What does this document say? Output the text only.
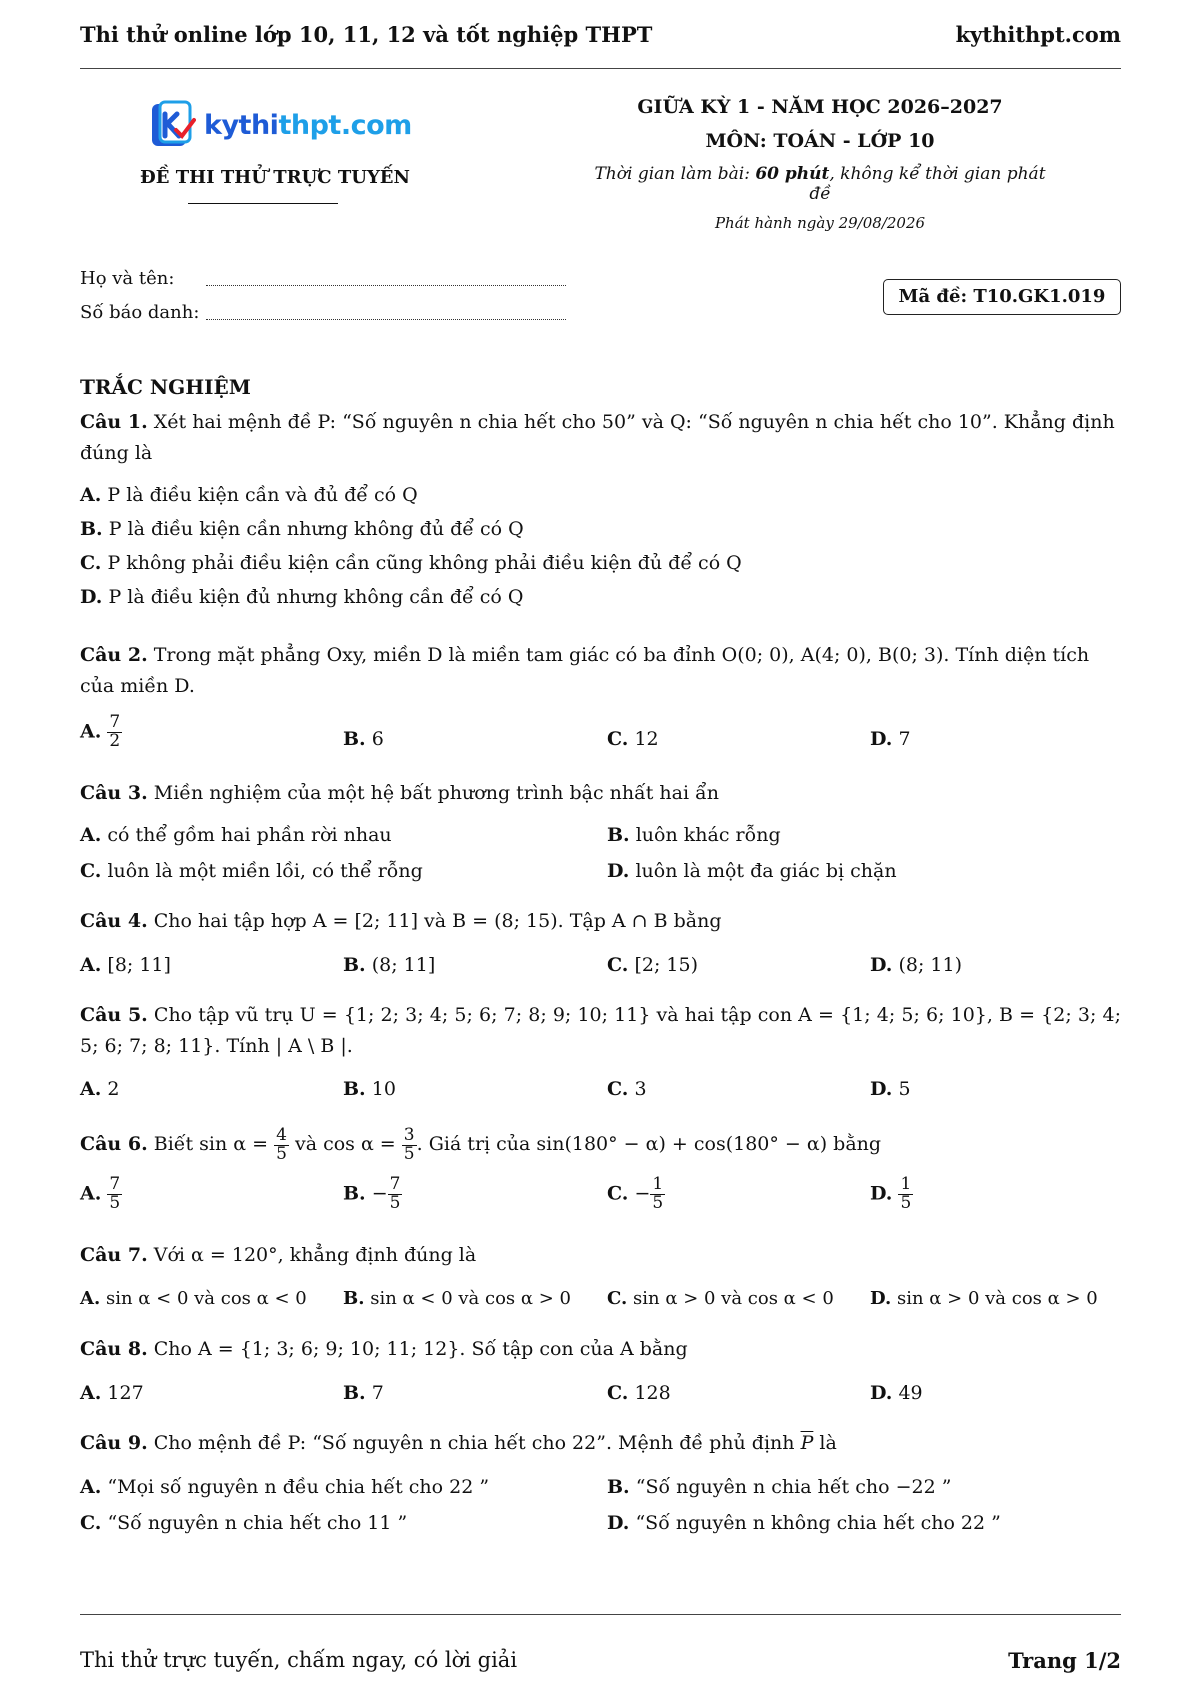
Thi thử online lớp 10, 11, 12 và tốt nghiệp THPT	kythithpt.com
kythithpt.com
ĐỀ THI THỬ TRỰC TUYẾN
GIỮA KỲ 1 - NĂM HỌC 2026–2027
MÔN: TOÁN - LỚP 10
Thời gian làm bài: 60 phút, không kể thời gian phát đề
Phát hành ngày 29/08/2026
Họ và tên:
Số báo danh:
Mã đề: T10.GK1.019
TRẮC NGHIỆM
Câu 1. Xét hai mệnh đề P: “Số nguyên n chia hết cho 50” và Q: “Số nguyên n chia hết cho 10”. Khẳng định đúng là
A. P là điều kiện cần và đủ để có Q
B. P là điều kiện cần nhưng không đủ để có Q
C. P không phải điều kiện cần cũng không phải điều kiện đủ để có Q
D. P là điều kiện đủ nhưng không cần để có Q
Câu 2. Trong mặt phẳng Oxy, miền D là miền tam giác có ba đỉnh O(0; 0), A(4; 0), B(0; 3). Tính diện tích của miền D.
A. $\frac{7}{2}$	B. 6	C. 12	D. 7
Câu 3. Miền nghiệm của một hệ bất phương trình bậc nhất hai ẩn
A. có thể gồm hai phần rời nhau	B. luôn khác rỗng
C. luôn là một miền lồi, có thể rỗng	D. luôn là một đa giác bị chặn
Câu 4. Cho hai tập hợp A = [2; 11] và B = (8; 15). Tập A ∩ B bằng
A. [8; 11]	B. (8; 11]	C. [2; 15)	D. (8; 11)
Câu 5. Cho tập vũ trụ U = {1; 2; 3; 4; 5; 6; 7; 8; 9; 10; 11} và hai tập con A = {1; 4; 5; 6; 10}, B = {2; 3; 4; 5; 6; 7; 8; 11}. Tính | A \ B |.
A. 2	B. 10	C. 3	D. 5
Câu 6. Biết $\sin \alpha = \frac{4}{5}$ và $\cos \alpha = \frac{3}{5}$ . Giá trị của sin(180° − α) + cos(180° − α) bằng
A. $\frac{7}{5}$	B. − $\frac{7}{5}$	C. − $\frac{1}{5}$	D. $\frac{1}{5}$
Câu 7. Với α = 120°, khẳng định đúng là
A. sin α < 0 và cos α < 0 B. sin α < 0 và cos α > 0 C. sin α > 0 và cos α < 0 D. sin α > 0 và cos α > 0
Câu 8. Cho A = {1; 3; 6; 9; 10; 11; 12}. Số tập con của A bằng
A. 127	B. 7	C. 128	D. 49
Câu 9. Cho mệnh đề P: “Số nguyên n chia hết cho 22”. Mệnh đề phủ định $\overline{P}$ là
A. “Mọi số nguyên n đều chia hết cho 22 ”	B. “Số nguyên n chia hết cho −22 ”
C. “Số nguyên n chia hết cho 11 ”	D. “Số nguyên n không chia hết cho 22 ”
Thi thử trực tuyến, chấm ngay, có lời giải	Trang 1/2
